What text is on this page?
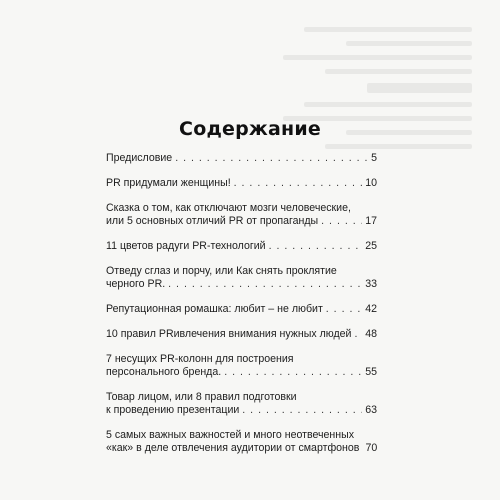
Содержание
Предисловие . . .	5
PR придумали женщины! . . .	10
Сказка о том, как отключают мозги человеческие,
или 5 основных отличий PR от пропаганды . . .	17
11 цветов радуги PR-технологий . . .	25
Отведу сглаз и порчу, или Как снять проклятие
черного PR. . . .	33
Репутационная ромашка: любит – не любит . . .	42
10 правил PRивлечения внимания нужных людей . . . 48
7 несущих PR-колонн для построения
персонального бренда. . . .	55
Товар лицом, или 8 правил подготовки
к проведению презентации . . .	63
5 самых важных важностей и много неотвеченных
«как» в деле отвлечения аудитории от смартфонов 70
